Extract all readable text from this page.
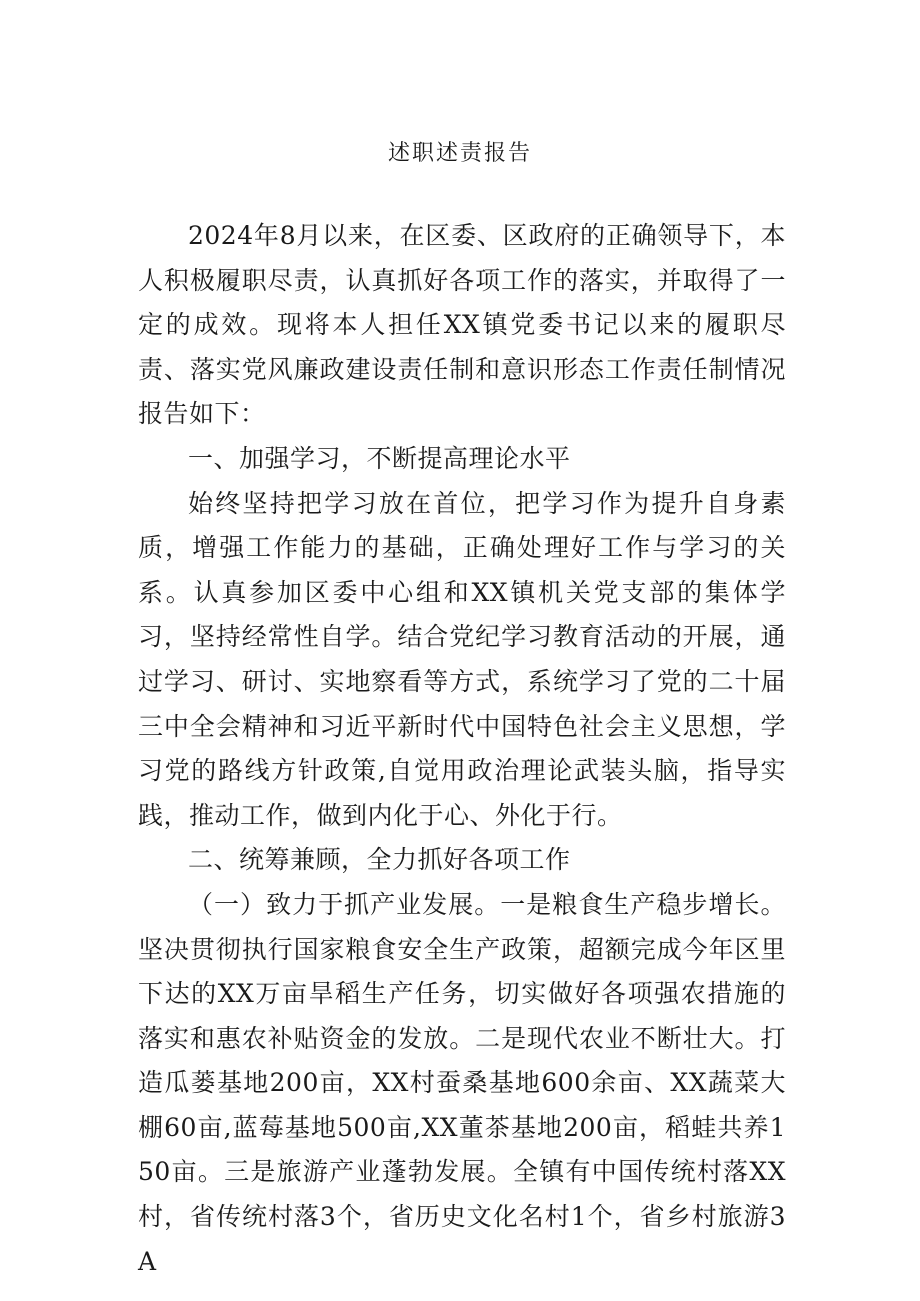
述职述责报告

2024年8月以来，在区委、区政府的正确领导下，本人积极履职尽责，认真抓好各项工作的落实，并取得了一定的成效。现将本人担任XX镇党委书记以来的履职尽责、落实党风廉政建设责任制和意识形态工作责任制情况报告如下：

一、加强学习，不断提高理论水平

始终坚持把学习放在首位，把学习作为提升自身素质，增强工作能力的基础，正确处理好工作与学习的关系。认真参加区委中心组和XX镇机关党支部的集体学习，坚持经常性自学。结合党纪学习教育活动的开展，通过学习、研讨、实地察看等方式，系统学习了党的二十届三中全会精神和习近平新时代中国特色社会主义思想，学习党的路线方针政策,自觉用政治理论武装头脑，指导实践，推动工作，做到内化于心、外化于行。

二、统筹兼顾，全力抓好各项工作

（一）致力于抓产业发展。一是粮食生产稳步增长。坚决贯彻执行国家粮食安全生产政策，超额完成今年区里下达的XX万亩旱稻生产任务，切实做好各项强农措施的落实和惠农补贴资金的发放。二是现代农业不断壮大。打造瓜蒌基地200亩，XX村蚕桑基地600余亩、XX蔬菜大棚60亩,蓝莓基地500亩,XX董茶基地200亩，稻蛙共养150亩。三是旅游产业蓬勃发展。全镇有中国传统村落XX村，省传统村落3个，省历史文化名村1个，省乡村旅游3A
